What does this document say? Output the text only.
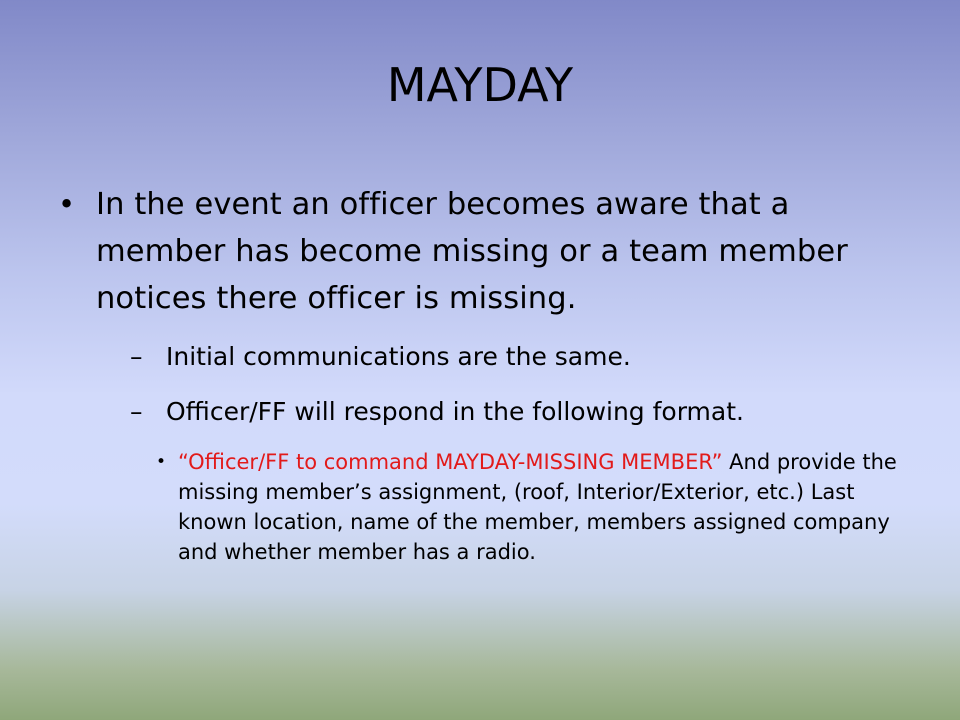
MAYDAY
• In the event an officer becomes aware that a member has become missing or a team member notices there officer is missing.
– Initial communications are the same.
– Officer/FF will respond in the following format.
• “Officer/FF to command MAYDAY-MISSING MEMBER” And provide the missing member’s assignment, (roof, Interior/Exterior, etc.) Last known location, name of the member, members assigned company and whether member has a radio.
